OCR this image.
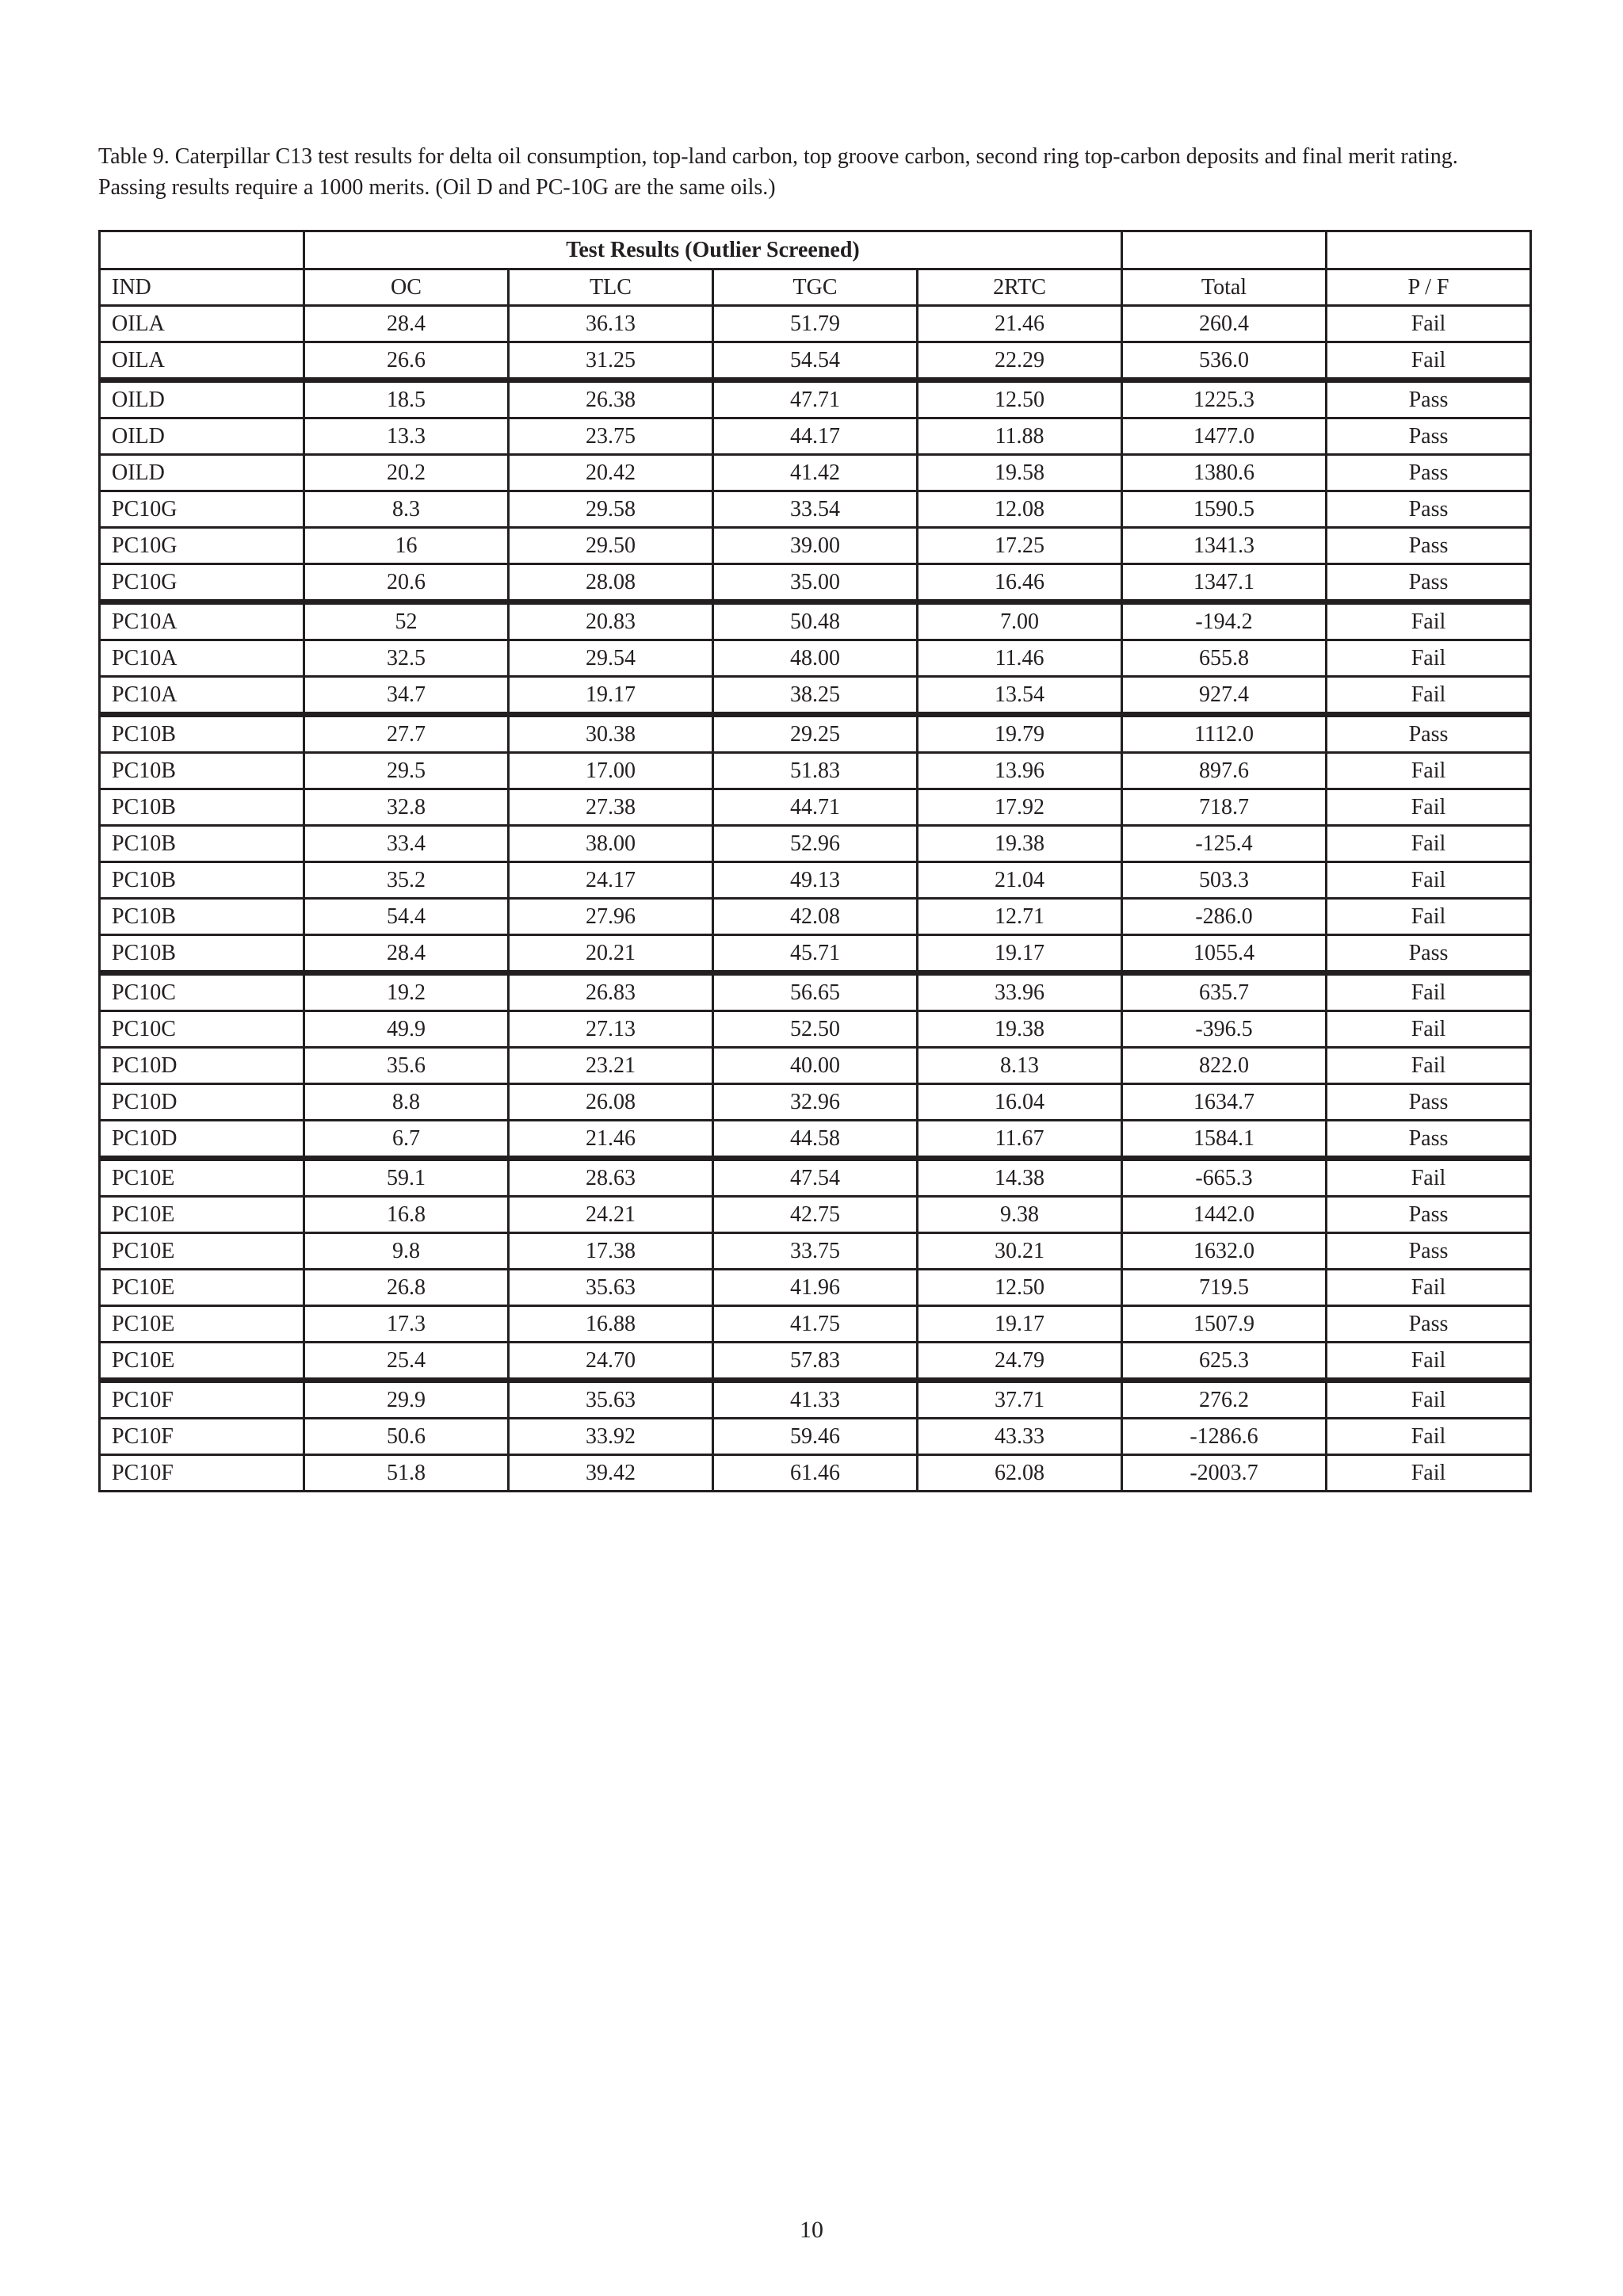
Table 9. Caterpillar C13 test results for delta oil consumption, top-land carbon, top groove carbon, second ring top-carbon deposits and final merit rating. Passing results require a 1000 merits. (Oil D and PC-10G are the same oils.)

	Test Results (Outlier Screened)					
IND	OC	TLC	TGC	2RTC	Total	P / F
OILA	28.4	36.13	51.79	21.46	260.4	Fail
OILA	26.6	31.25	54.54	22.29	536.0	Fail
OILD	18.5	26.38	47.71	12.50	1225.3	Pass
OILD	13.3	23.75	44.17	11.88	1477.0	Pass
OILD	20.2	20.42	41.42	19.58	1380.6	Pass
PC10G	8.3	29.58	33.54	12.08	1590.5	Pass
PC10G	16	29.50	39.00	17.25	1341.3	Pass
PC10G	20.6	28.08	35.00	16.46	1347.1	Pass
PC10A	52	20.83	50.48	7.00	-194.2	Fail
PC10A	32.5	29.54	48.00	11.46	655.8	Fail
PC10A	34.7	19.17	38.25	13.54	927.4	Fail
PC10B	27.7	30.38	29.25	19.79	1112.0	Pass
PC10B	29.5	17.00	51.83	13.96	897.6	Fail
PC10B	32.8	27.38	44.71	17.92	718.7	Fail
PC10B	33.4	38.00	52.96	19.38	-125.4	Fail
PC10B	35.2	24.17	49.13	21.04	503.3	Fail
PC10B	54.4	27.96	42.08	12.71	-286.0	Fail
PC10B	28.4	20.21	45.71	19.17	1055.4	Pass
PC10C	19.2	26.83	56.65	33.96	635.7	Fail
PC10C	49.9	27.13	52.50	19.38	-396.5	Fail
PC10D	35.6	23.21	40.00	8.13	822.0	Fail
PC10D	8.8	26.08	32.96	16.04	1634.7	Pass
PC10D	6.7	21.46	44.58	11.67	1584.1	Pass
PC10E	59.1	28.63	47.54	14.38	-665.3	Fail
PC10E	16.8	24.21	42.75	9.38	1442.0	Pass
PC10E	9.8	17.38	33.75	30.21	1632.0	Pass
PC10E	26.8	35.63	41.96	12.50	719.5	Fail
PC10E	17.3	16.88	41.75	19.17	1507.9	Pass
PC10E	25.4	24.70	57.83	24.79	625.3	Fail
PC10F	29.9	35.63	41.33	37.71	276.2	Fail
PC10F	50.6	33.92	59.46	43.33	-1286.6	Fail
PC10F	51.8	39.42	61.46	62.08	-2003.7	Fail
10
